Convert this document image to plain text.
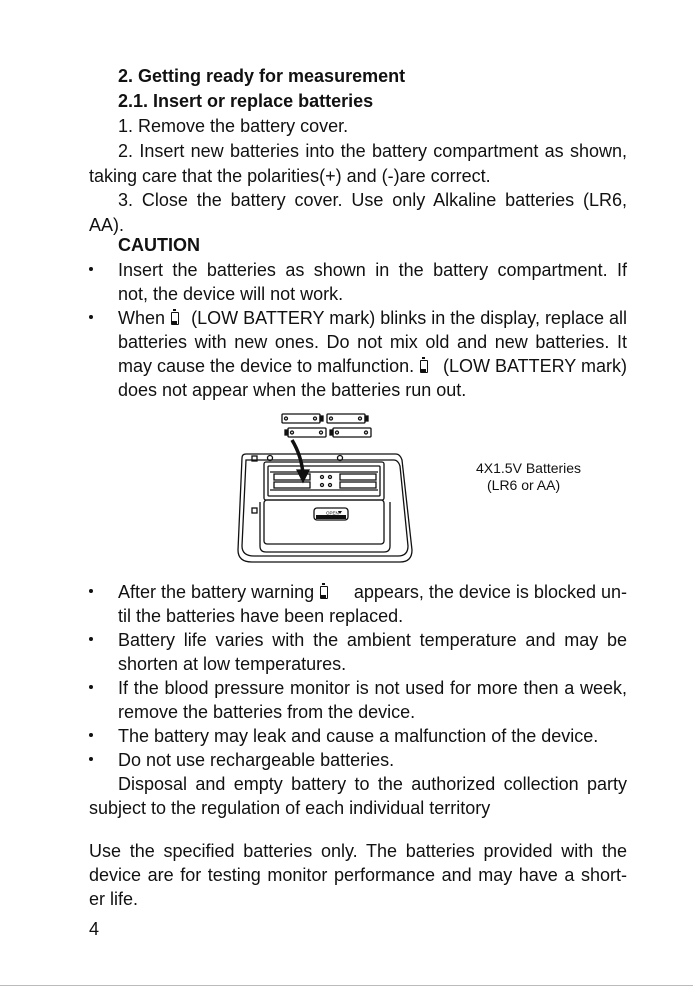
2. Getting ready for measurement
2.1. Insert or replace batteries
1. Remove the battery cover.
2. Insert new batteries into the battery compartment as shown,
taking care that the polarities(+) and (-)are correct.
3. Close the battery cover. Use only Alkaline batteries (LR6,
AA).
CAUTION
Insert the batteries as shown in the battery compartment. If
not, the device will not work.
When (LOW BATTERY mark) blinks in the display, replace all
batteries with new ones. Do not mix old and new batteries. It
may cause the device to malfunction. (LOW BATTERY mark)
does not appear when the batteries run out.
OPEN
4X1.5V Batteries
(LR6 or AA)
After the battery warning appears, the device is blocked un-
til the batteries have been replaced.
Battery life varies with the ambient temperature and may be
shorten at low temperatures.
If the blood pressure monitor is not used for more then a week,
remove the batteries from the device.
The battery may leak and cause a malfunction of the device.
Do not use rechargeable batteries.
Disposal and empty battery to the authorized collection party
subject to the regulation of each individual territory
Use the specified batteries only. The batteries provided with the
device are for testing monitor performance and may have a short-
er life.
4
